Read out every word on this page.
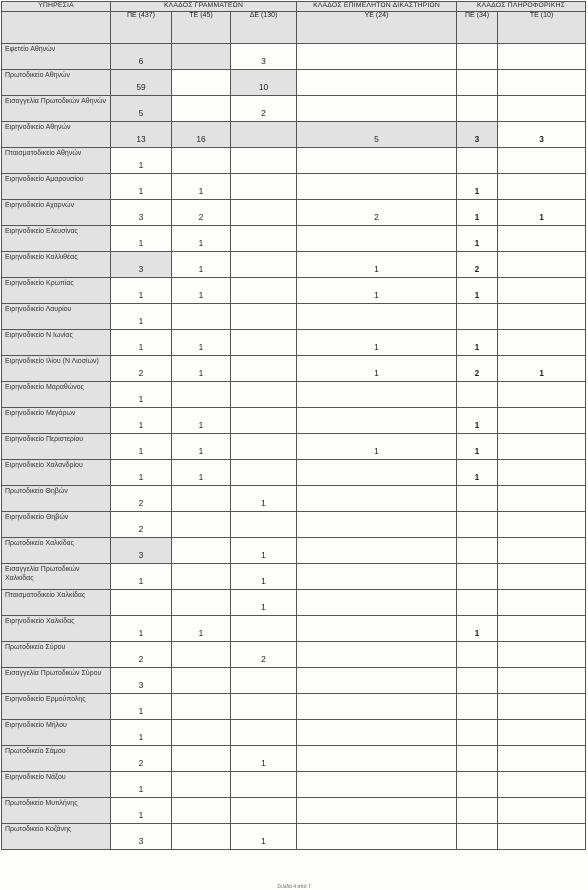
ΥΠΗΡΕΣΙΑ	ΚΛΑΔΟΣ ΓΡΑΜΜΑΤΕΩΝ			ΚΛΑΔΟΣ ΕΠΙΜΕΛΗΤΩΝ ΔΙΚΑΣΤΗΡΙΩΝ	ΚΛΑΔΟΣ ΠΛΗΡΟΦΟΡΙΚΗΣ	
	ΠΕ (437)	ΤΕ (45)	ΔΕ (130)	ΥΕ (24)	ΠΕ (34)	ΤΕ (10)

Εφετείο Αθηνών	6		3			

Πρωτοδικείο Αθηνών	59		10			

Εισαγγελία Πρωτοδικών Αθηνών	5		2			

Ειρηνοδικείο Αθηνών	13	16		5	3	3

Πταισματοδικείο Αθηνών	1					

Ειρηνοδικείο Αμαρουσίου	1	1			1	

Ειρηνοδικείο Αχαρνών	3	2		2	1	1

Ειρηνοδικείο Ελευσίνας	1	1			1	

Ειρηνοδικείο Καλλιθέας	3	1		1	2	

Ειρηνοδικείο Κρωπίας	1	1		1	1	

Ειρηνοδικείο Λαυρίου	1					

Ειρηνοδικείο Ν Ιωνίας	1	1		1	1	

Ειρηνοδικείο Ιλίου (Ν Λιοσίων)	2	1		1	2	1

Ειρηνοδικείο Μαραθώνος	1					

Ειρηνοδικείο Μεγάρων	1	1			1	

Ειρηνοδικείο Περιστερίου	1	1		1	1	

Ειρηνοδικείο Χαλανδρίου	1	1			1	

Πρωτοδικείο Θηβών	2		1			

Ειρηνοδικείο Θηβών	2					

Πρωτοδικείο Χαλκίδας	3		1			

Εισαγγελία Πρωτοδικών Χαλκίδας	1		1			

Πταισματοδικείο Χαλκίδας			1			

Ειρηνοδικείο Χαλκίδας	1	1			1	

Πρωτοδικείο Σύρου	2		2			

Εισαγγελία Πρωτοδικών Σύρου	3					

Ειρηνοδικείο Ερμούπολης	1					

Ειρηνοδικείο Μήλου	1					

Πρωτοδικείο Σάμου	2		1			

Ειρηνοδικείο Νάξου	1					

Πρωτοδικείο Μυτιλήνης	1					

Πρωτοδικείο Κοζάνης	3		1			

Σελίδα 4 από 7
